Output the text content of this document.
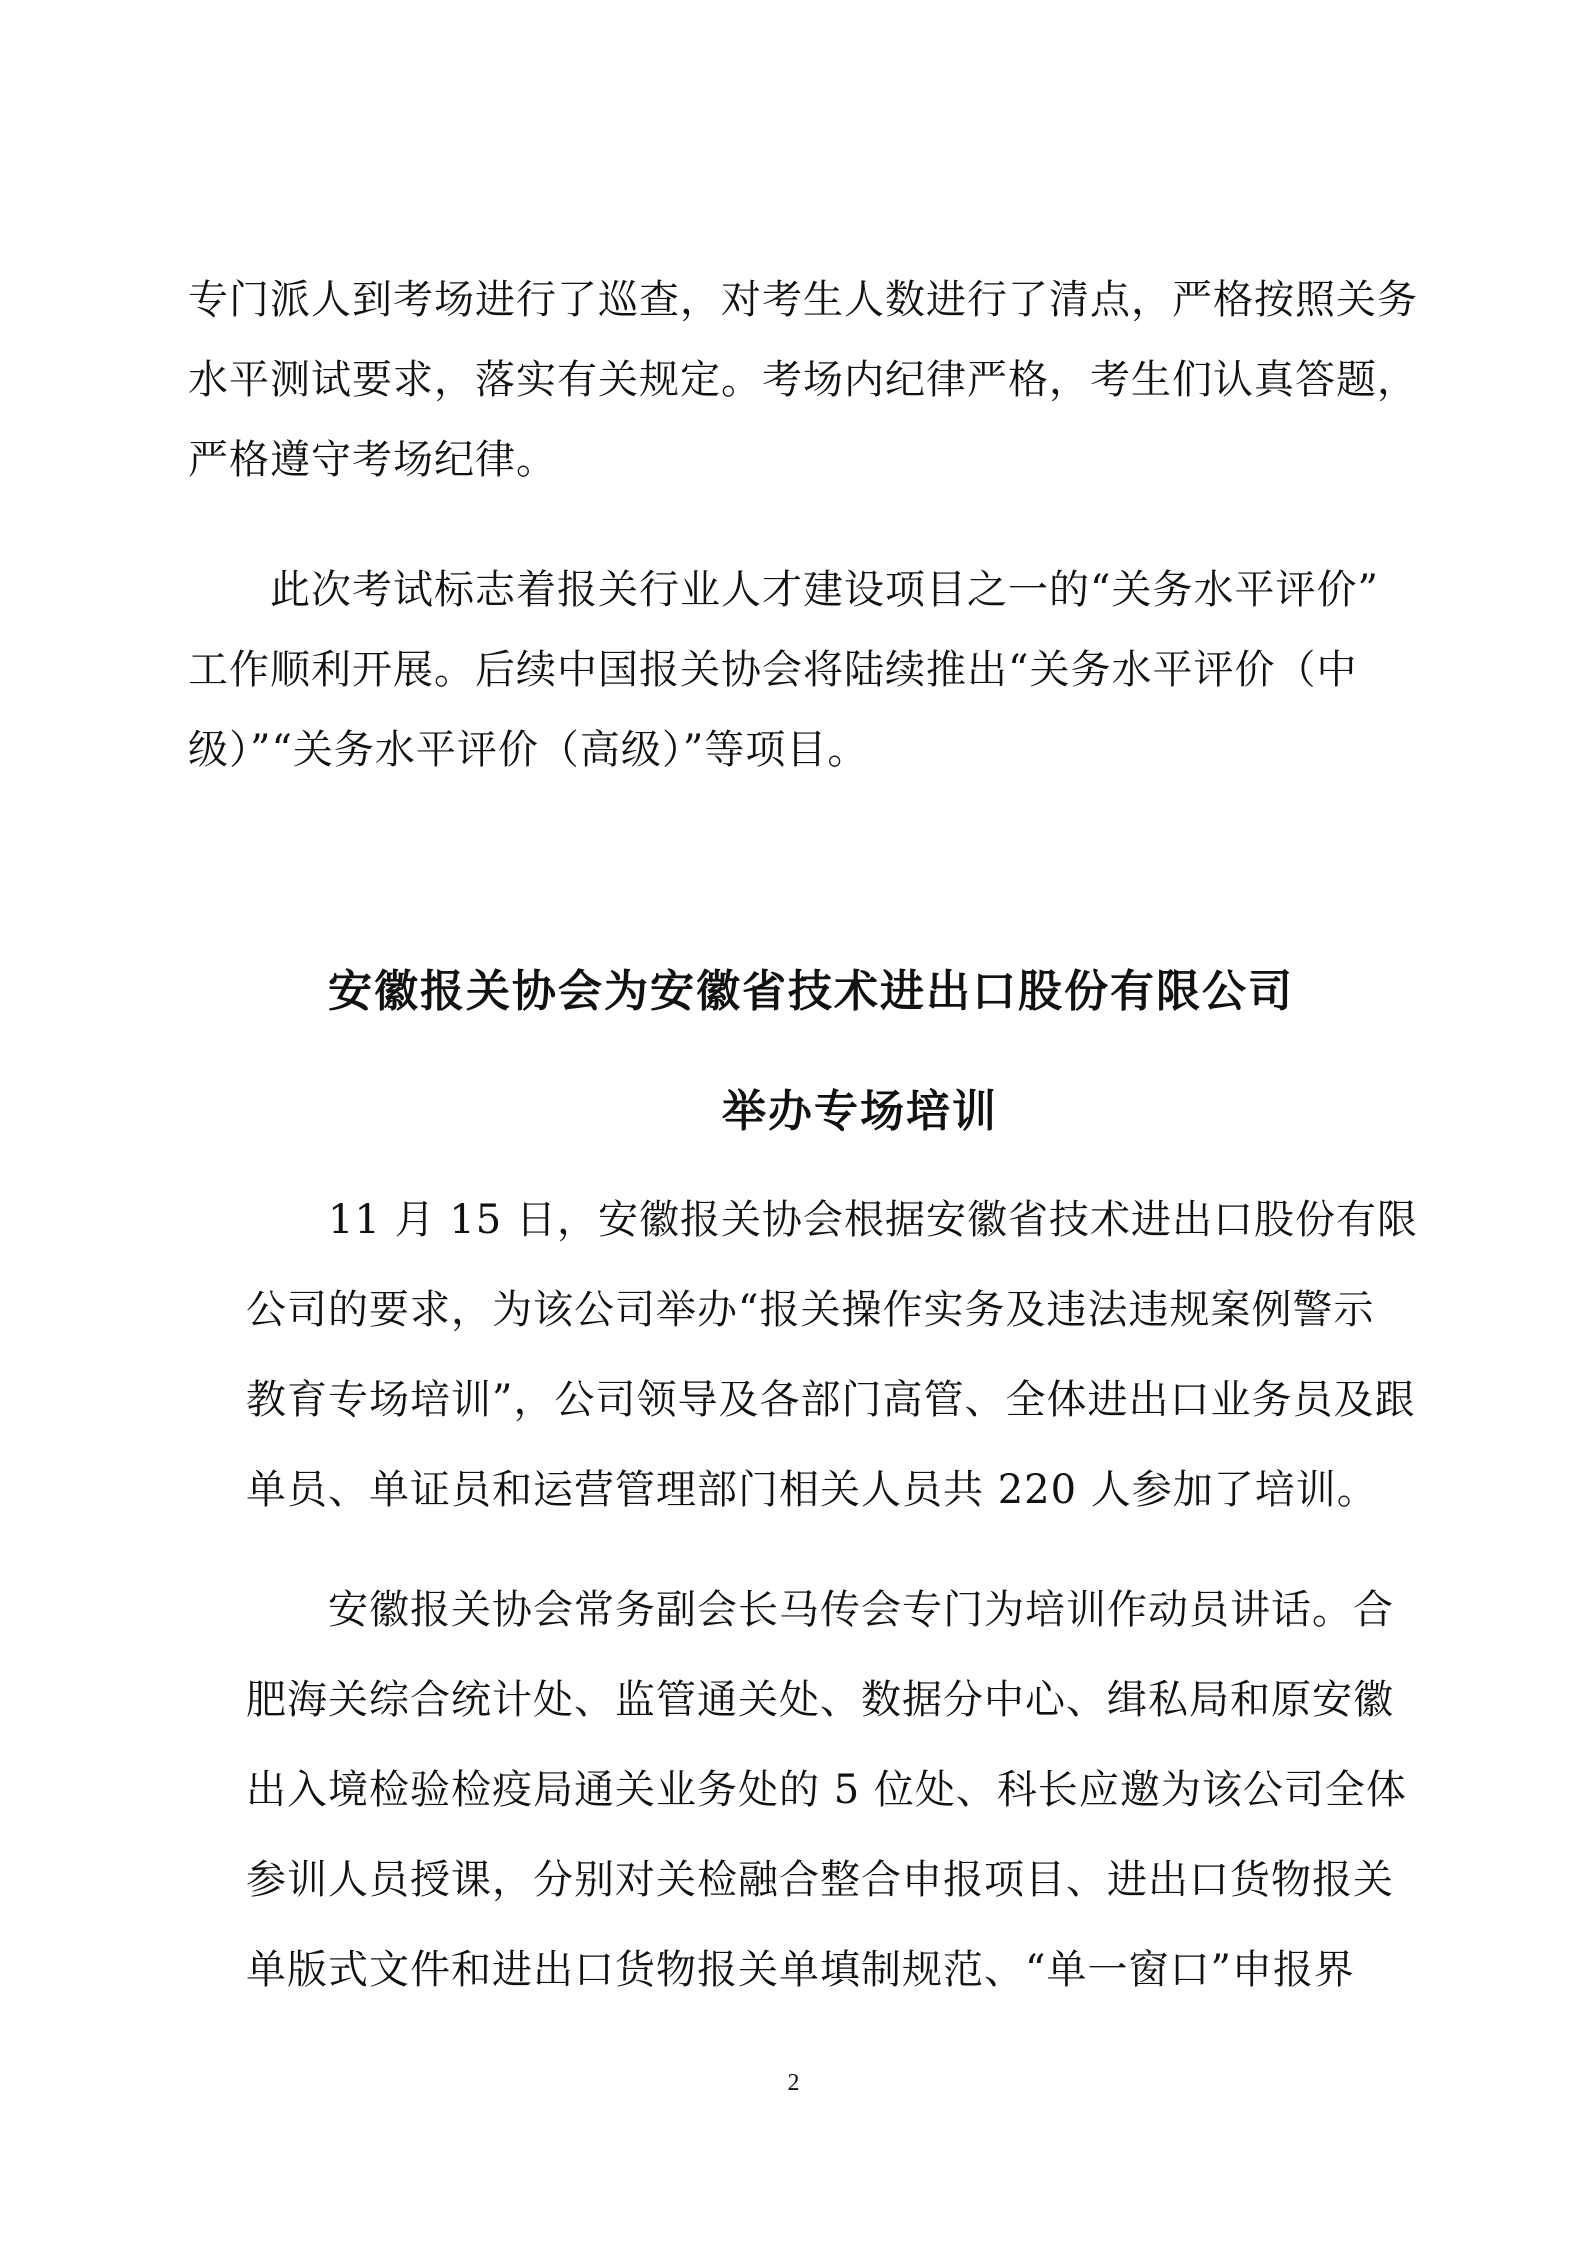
专门派人到考场进行了巡查，对考生人数进行了清点，严格按照关务
水平测试要求，落实有关规定。考场内纪律严格，考生们认真答题，
严格遵守考场纪律。
此次考试标志着报关行业人才建设项目之一的“关务水平评价”
工作顺利开展。后续中国报关协会将陆续推出“关务水平评价（中
级）”“关务水平评价（高级）”等项目。
安徽报关协会为安徽省技术进出口股份有限公司
举办专场培训
11 月 15 日，安徽报关协会根据安徽省技术进出口股份有限
公司的要求，为该公司举办“报关操作实务及违法违规案例警示
教育专场培训”，公司领导及各部门高管、全体进出口业务员及跟
单员、单证员和运营管理部门相关人员共 220 人参加了培训。
安徽报关协会常务副会长马传会专门为培训作动员讲话。合
肥海关综合统计处、监管通关处、数据分中心、缉私局和原安徽
出入境检验检疫局通关业务处的 5 位处、科长应邀为该公司全体
参训人员授课，分别对关检融合整合申报项目、进出口货物报关
单版式文件和进出口货物报关单填制规范、“单一窗口”申报界
2
